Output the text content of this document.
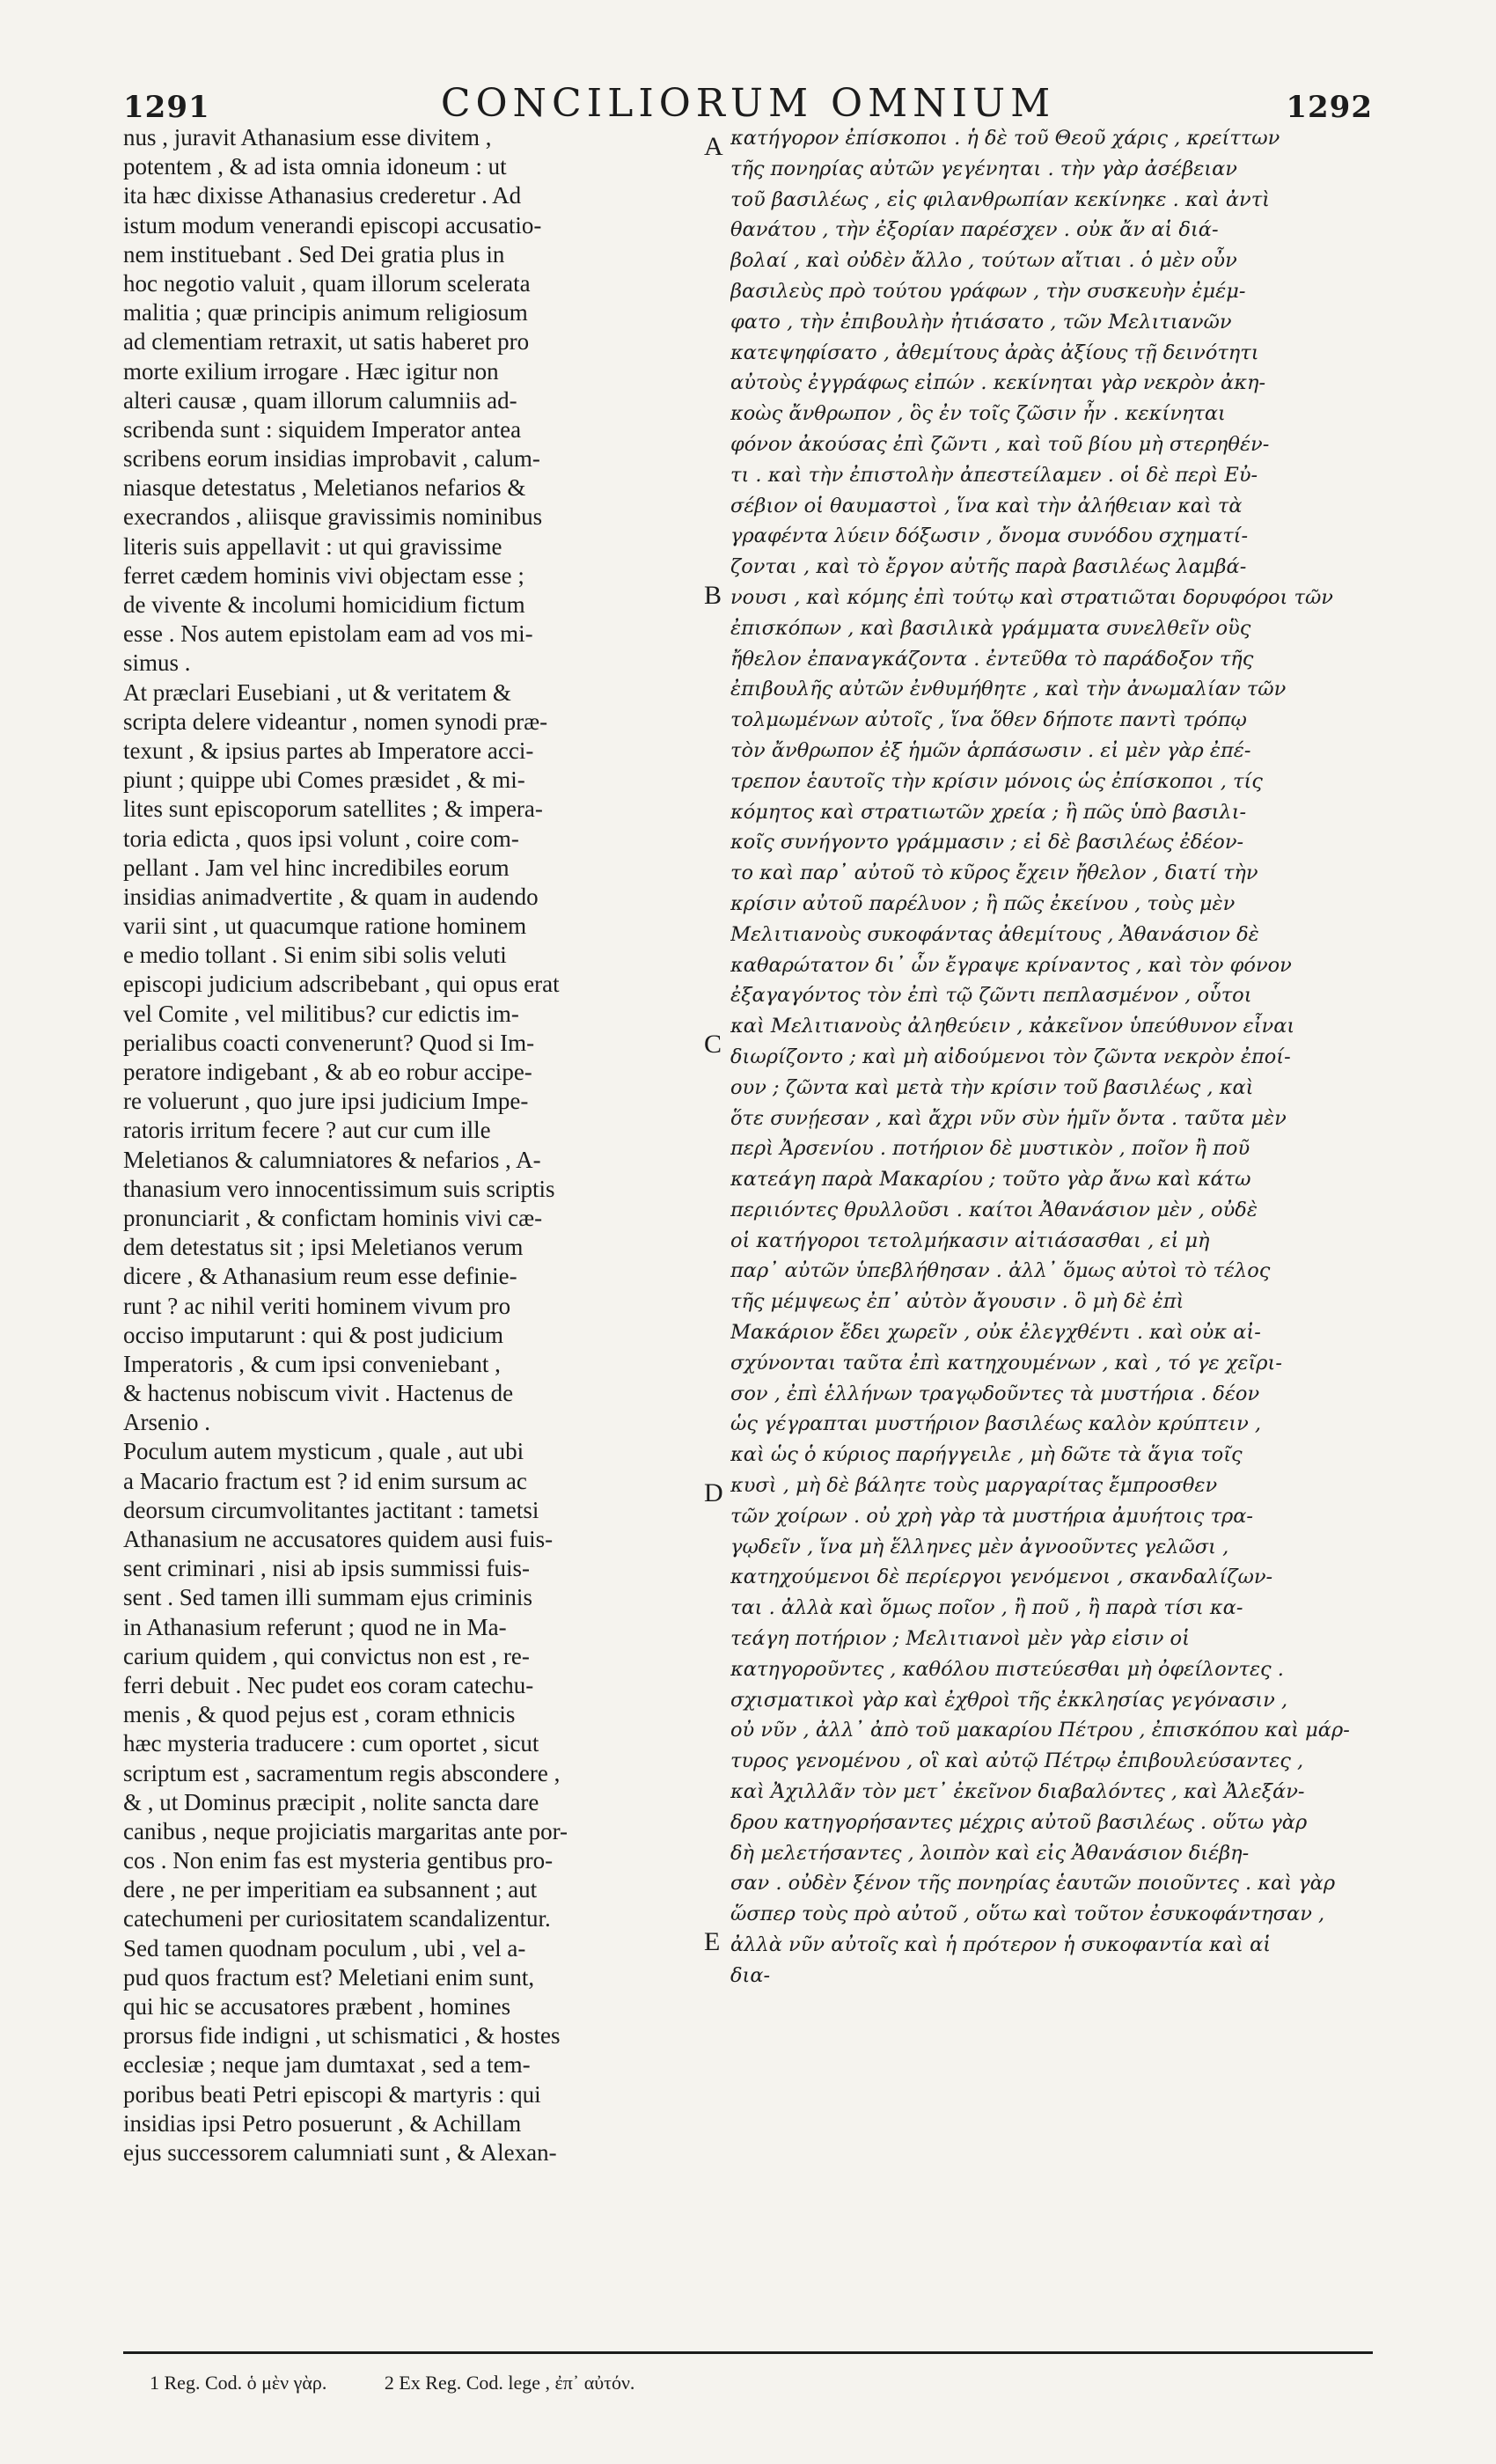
1291	CONCILIORUM OMNIUM	1292
nus , juravit Athanasium esse divitem ,
potentem , & ad ista omnia idoneum : ut
ita hæc dixisse Athanasius crederetur . Ad
istum modum venerandi episcopi accusatio-
nem instituebant . Sed Dei gratia plus in
hoc negotio valuit , quam illorum scelerata
malitia ; quæ principis animum religiosum
ad clementiam retraxit, ut satis haberet pro
morte exilium irrogare . Hæc igitur non
alteri causæ , quam illorum calumniis ad-
scribenda sunt : siquidem Imperator antea
scribens eorum insidias improbavit , calum-
niasque detestatus , Meletianos nefarios &
execrandos , aliisque gravissimis nominibus
literis suis appellavit : ut qui gravissime
ferret cædem hominis vivi objectam esse ;
de vivente & incolumi homicidium fictum
esse . Nos autem epistolam eam ad vos mi-
simus .
At præclari Eusebiani , ut & veritatem &
scripta delere videantur , nomen synodi præ-
texunt , & ipsius partes ab Imperatore acci-
piunt ; quippe ubi Comes præsidet , & mi-
lites sunt episcoporum satellites ; & impera-
toria edicta , quos ipsi volunt , coire com-
pellant . Jam vel hinc incredibiles eorum
insidias animadvertite , & quam in audendo
varii sint , ut quacumque ratione hominem
e medio tollant . Si enim sibi solis veluti
episcopi judicium adscribebant , qui opus erat
vel Comite , vel militibus? cur edictis im-
perialibus coacti convenerunt? Quod si Im-
peratore indigebant , & ab eo robur accipe-
re voluerunt , quo jure ipsi judicium Impe-
ratoris irritum fecere ? aut cur cum ille
Meletianos & calumniatores & nefarios , A-
thanasium vero innocentissimum suis scriptis
pronunciarit , & confictam hominis vivi cæ-
dem detestatus sit ; ipsi Meletianos verum
dicere , & Athanasium reum esse definie-
runt ? ac nihil veriti hominem vivum pro
occiso imputarunt : qui & post judicium
Imperatoris , & cum ipsi conveniebant ,
& hactenus nobiscum vivit . Hactenus de
Arsenio .
Poculum autem mysticum , quale , aut ubi
a Macario fractum est ? id enim sursum ac
deorsum circumvolitantes jactitant : tametsi
Athanasium ne accusatores quidem ausi fuis-
sent criminari , nisi ab ipsis summissi fuis-
sent . Sed tamen illi summam ejus criminis
in Athanasium referunt ; quod ne in Ma-
carium quidem , qui convictus non est , re-
ferri debuit . Nec pudet eos coram catechu-
menis , & quod pejus est , coram ethnicis
hæc mysteria traducere : cum oportet , sicut
scriptum est , sacramentum regis abscondere ,
& , ut Dominus præcipit , nolite sancta dare
canibus , neque projiciatis margaritas ante por-
cos . Non enim fas est mysteria gentibus pro-
dere , ne per imperitiam ea subsannent ; aut
catechumeni per curiositatem scandalizentur.
Sed tamen quodnam poculum , ubi , vel a-
pud quos fractum est? Meletiani enim sunt,
qui hic se accusatores præbent , homines
prorsus fide indigni , ut schismatici , & hostes
ecclesiæ ; neque jam dumtaxat , sed a tem-
poribus beati Petri episcopi & martyris : qui
insidias ipsi Petro posuerunt , & Achillam
ejus successorem calumniati sunt , & Alexan-
κατήγορον ἐπίσκοποι . ἡ δὲ τοῦ Θεοῦ χάρις , κρείττων
τῆς πονηρίας αὐτῶν γεγένηται . τὴν γὰρ ἀσέβειαν
τοῦ βασιλέως , εἰς φιλανθρωπίαν κεκίνηκε . καὶ ἀντὶ
θανάτου , τὴν ἐξορίαν παρέσχεν . οὐκ ἄν αἱ διά-
βολαί , καὶ οὐδὲν ἄλλο , τούτων αἴτιαι . ὁ μὲν οὖν
βασιλεὺς πρὸ τούτου γράφων , τὴν συσκευὴν ἐμέμ-
φατο , τὴν ἐπιβουλὴν ἠτιάσατο , τῶν Μελιτιανῶν
κατεψηφίσατο , ἀθεμίτους ἀρὰς ἀξίους τῇ δεινότητι
αὐτοὺς ἐγγράφως εἰπών . κεκίνηται γὰρ νεκρὸν ἀκη-
κοὼς ἄνθρωπον , ὃς ἐν τοῖς ζῶσιν ἦν . κεκίνηται
φόνον ἀκούσας ἐπὶ ζῶντι , καὶ τοῦ βίου μὴ στερηθέν-
τι . καὶ τὴν ἐπιστολὴν ἀπεστείλαμεν . οἱ δὲ περὶ Εὐ-
σέβιον οἱ θαυμαστοὶ , ἵνα καὶ τὴν ἀλήθειαν καὶ τὰ
γραφέντα λύειν δόξωσιν , ὄνομα συνόδου σχηματί-
ζονται , καὶ τὸ ἔργον αὐτῆς παρὰ βασιλέως λαμβά-
νουσι , καὶ κόμης ἐπὶ τούτῳ καὶ στρατιῶται δορυφόροι τῶν
ἐπισκόπων , καὶ βασιλικὰ γράμματα συνελθεῖν οὓς
ἤθελον ἐπαναγκάζοντα . ἐντεῦθα τὸ παράδοξον τῆς
ἐπιβουλῆς αὐτῶν ἐνθυμήθητε , καὶ τὴν ἀνωμαλίαν τῶν
τολμωμένων αὐτοῖς , ἵνα ὅθεν δήποτε παντὶ τρόπῳ
τὸν ἄνθρωπον ἐξ ἡμῶν ἁρπάσωσιν . εἰ μὲν γὰρ ἐπέ-
τρεπον ἑαυτοῖς τὴν κρίσιν μόνοις ὡς ἐπίσκοποι , τίς
κόμητος καὶ στρατιωτῶν χρεία ; ἢ πῶς ὑπὸ βασιλι-
κοῖς συνήγοντο γράμμασιν ; εἰ δὲ βασιλέως ἐδέον-
το καὶ παρ᾽ αὐτοῦ τὸ κῦρος ἔχειν ἤθελον , διατί τὴν
κρίσιν αὐτοῦ παρέλυον ; ἢ πῶς ἐκείνου , τοὺς μὲν
Μελιτιανοὺς συκοφάντας ἀθεμίτους , Ἀθανάσιον δὲ
καθαρώτατον δι᾽ ὧν ἔγραψε κρίναντος , καὶ τὸν φόνον
ἐξαγαγόντος τὸν ἐπὶ τῷ ζῶντι πεπλασμένον , οὗτοι
καὶ Μελιτιανοὺς ἀληθεύειν , κἀκεῖνον ὑπεύθυνον εἶναι
διωρίζοντο ; καὶ μὴ αἰδούμενοι τὸν ζῶντα νεκρὸν ἐποί-
ουν ; ζῶντα καὶ μετὰ τὴν κρίσιν τοῦ βασιλέως , καὶ
ὅτε συνῄεσαν , καὶ ἄχρι νῦν σὺν ἡμῖν ὄντα . ταῦτα μὲν
περὶ Ἀρσενίου . ποτήριον δὲ μυστικὸν , ποῖον ἢ ποῦ
κατεάγη παρὰ Μακαρίου ; τοῦτο γὰρ ἄνω καὶ κάτω
περιιόντες θρυλλοῦσι . καίτοι Ἀθανάσιον μὲν , οὐδὲ
οἱ κατήγοροι τετολμήκασιν αἰτιάσασθαι , εἰ μὴ
παρ᾽ αὐτῶν ὑπεβλήθησαν . ἀλλ᾽ ὅμως αὐτοὶ τὸ τέλος
τῆς μέμψεως ἐπ᾽ αὐτὸν ἄγουσιν . ὃ μὴ δὲ ἐπὶ
Μακάριον ἔδει χωρεῖν , οὐκ ἐλεγχθέντι . καὶ οὐκ αἰ-
σχύνονται ταῦτα ἐπὶ κατηχουμένων , καὶ , τό γε χεῖρι-
σον , ἐπὶ ἑλλήνων τραγῳδοῦντες τὰ μυστήρια . δέον
ὡς γέγραπται μυστήριον βασιλέως καλὸν κρύπτειν ,
καὶ ὡς ὁ κύριος παρήγγειλε , μὴ δῶτε τὰ ἅγια τοῖς
κυσὶ , μὴ δὲ βάλητε τοὺς μαργαρίτας ἔμπροσθεν
τῶν χοίρων . οὐ χρὴ γὰρ τὰ μυστήρια ἀμυήτοις τρα-
γῳδεῖν , ἵνα μὴ ἕλληνες μὲν ἀγνοοῦντες γελῶσι ,
κατηχούμενοι δὲ περίεργοι γενόμενοι , σκανδαλίζων-
ται . ἀλλὰ καὶ ὅμως ποῖον , ἢ ποῦ , ἢ παρὰ τίσι κα-
τεάγη ποτήριον ; Μελιτιανοὶ μὲν γὰρ εἰσιν οἱ
κατηγοροῦντες , καθόλου πιστεύεσθαι μὴ ὀφείλοντες .
σχισματικοὶ γὰρ καὶ ἐχθροὶ τῆς ἐκκλησίας γεγόνασιν ,
οὐ νῦν , ἀλλ᾽ ἀπὸ τοῦ μακαρίου Πέτρου , ἐπισκόπου καὶ μάρ-
τυρος γενομένου , οἳ καὶ αὐτῷ Πέτρῳ ἐπιβουλεύσαντες ,
καὶ Ἀχιλλᾶν τὸν μετ᾽ ἐκεῖνον διαβαλόντες , καὶ Ἀλεξάν-
δρου κατηγορήσαντες μέχρις αὐτοῦ βασιλέως . οὕτω γὰρ
δὴ μελετήσαντες , λοιπὸν καὶ εἰς Ἀθανάσιον διέβη-
σαν . οὐδὲν ξένον τῆς πονηρίας ἑαυτῶν ποιοῦντες . καὶ γὰρ
ὥσπερ τοὺς πρὸ αὐτοῦ , οὕτω καὶ τοῦτον ἐσυκοφάντησαν ,
ἀλλὰ νῦν αὐτοῖς καὶ ἡ πρότερον ἡ συκοφαντία καὶ αἱ
δια-
A
B
C
D
E
1 Reg. Cod. ὁ μὲν γὰρ.	2 Ex Reg. Cod. lege , ἐπ᾽ αὐτόν.
